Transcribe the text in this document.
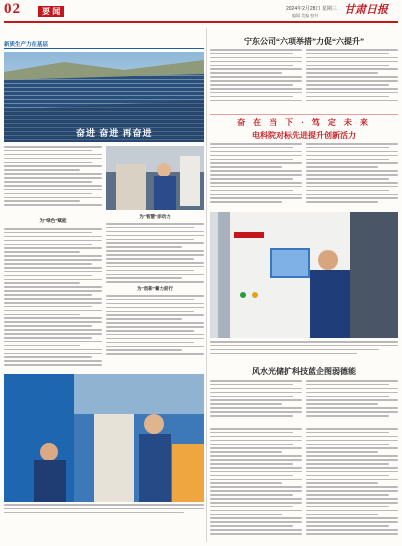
02	要 闻	2024年2月28日 星期三 甘肃日报
编辑 美编 校对
新质生产力在基层
奋进 奋进 再奋进
为“绿色”赋能
为“智慧”添动力
为“创新”蓄力前行
宁东公司“六项举措”力促“六提升”
奋 在 当 下 · 笃 定 未 来
电科院对标先进提升创新活力
风水光储扩科技蓝企图弱德能
